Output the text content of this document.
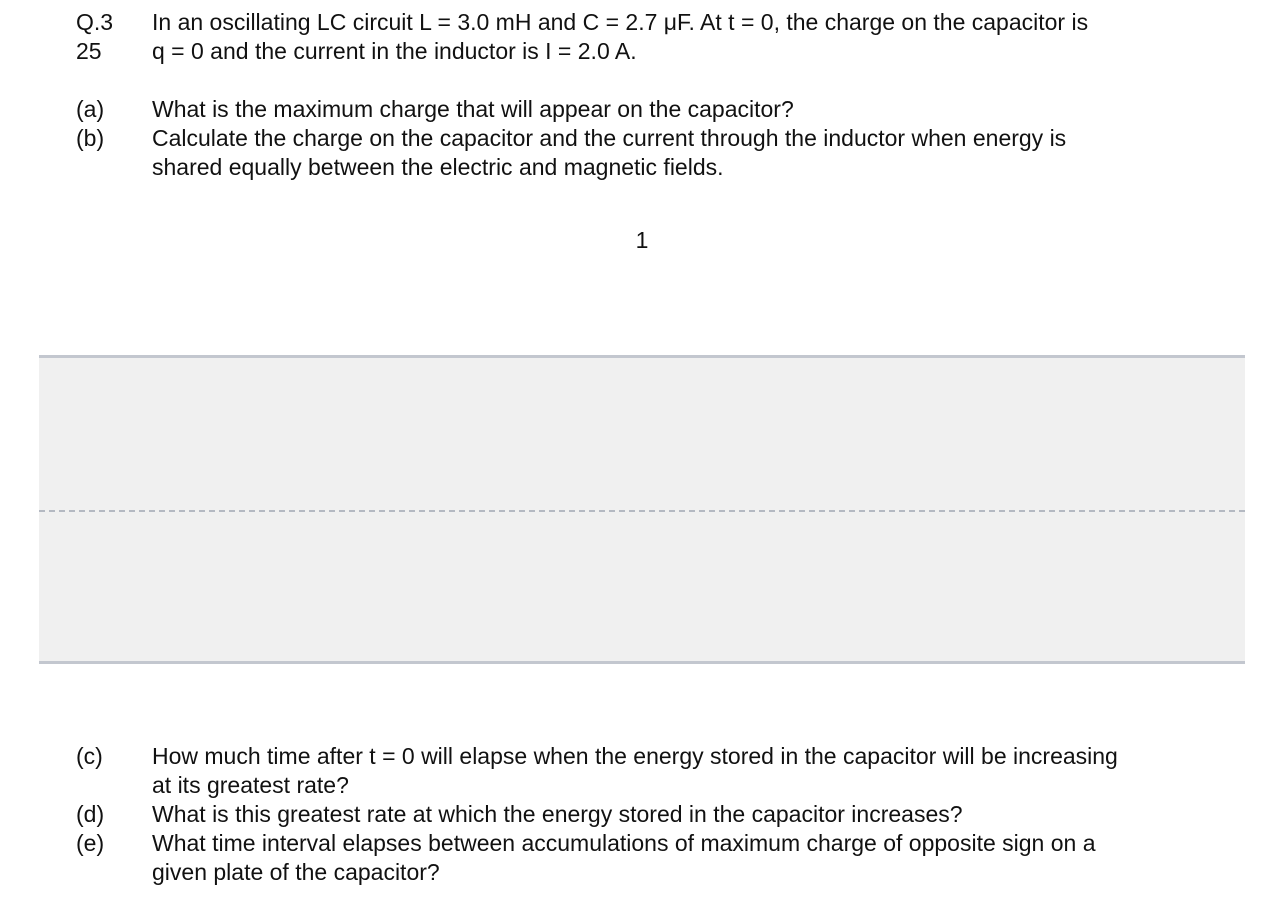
Q.3
25
In an oscillating LC circuit L = 3.0 mH and C = 2.7 μF. At t = 0, the charge on the capacitor is
q = 0 and the current in the inductor is I = 2.0 A.
(a)	What is the maximum charge that will appear on the capacitor?
(b)	Calculate the charge on the capacitor and the current through the inductor when energy is
shared equally between the electric and magnetic fields.
1
(c)	How much time after t = 0 will elapse when the energy stored in the capacitor will be increasing
at its greatest rate?
(d)	What is this greatest rate at which the energy stored in the capacitor increases?
(e)	What time interval elapses between accumulations of maximum charge of opposite sign on a
given plate of the capacitor?
